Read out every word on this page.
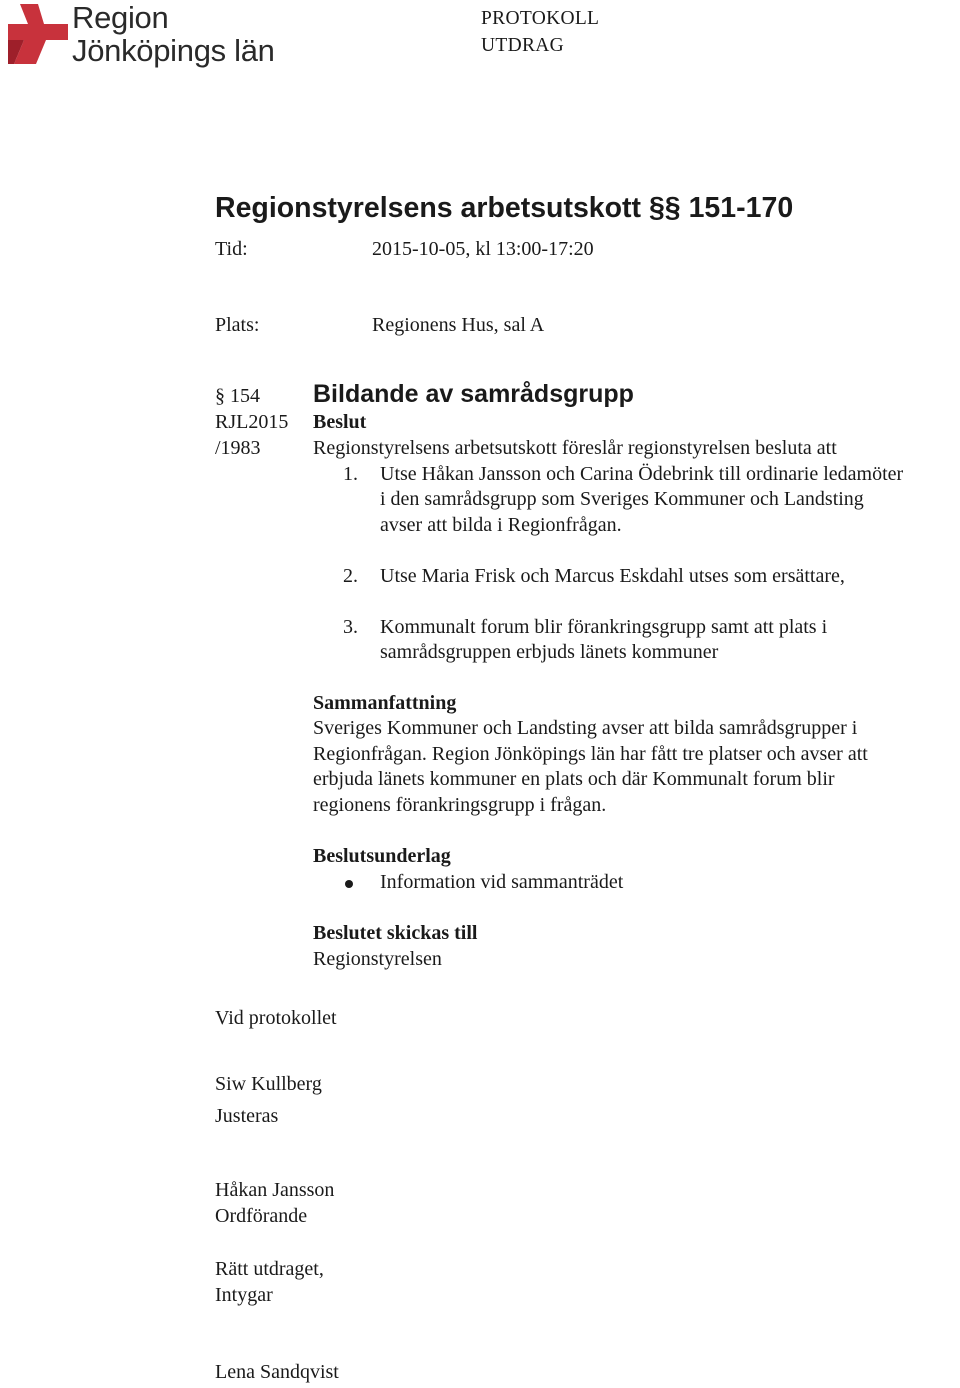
Region
Jönköpings län
PROTOKOLL
UTDRAG
Regionstyrelsens arbetsutskott §§ 151-170
Tid:	2015-10-05, kl 13:00-17:20
Plats:	Regionens Hus, sal A
§ 154
RJL2015
/1983
Bildande av samrådsgrupp
Beslut
Regionstyrelsens arbetsutskott föreslår regionstyrelsen besluta att
1. Utse Håkan Jansson och Carina Ödebrink till ordinarie ledamöter
i den samrådsgrupp som Sveriges Kommuner och Landsting
avser att bilda i Regionfrågan.
2. Utse Maria Frisk och Marcus Eskdahl utses som ersättare,
3. Kommunalt forum blir förankringsgrupp samt att plats i
samrådsgruppen erbjuds länets kommuner
Sammanfattning
Sveriges Kommuner och Landsting avser att bilda samrådsgrupper i
Regionfrågan. Region Jönköpings län har fått tre platser och avser att
erbjuda länets kommuner en plats och där Kommunalt forum blir
regionens förankringsgrupp i frågan.
Beslutsunderlag
Information vid sammanträdet
Beslutet skickas till
Regionstyrelsen
Vid protokollet
Siw Kullberg
Justeras
Håkan Jansson
Ordförande
Rätt utdraget,
Intygar
Lena Sandqvist
